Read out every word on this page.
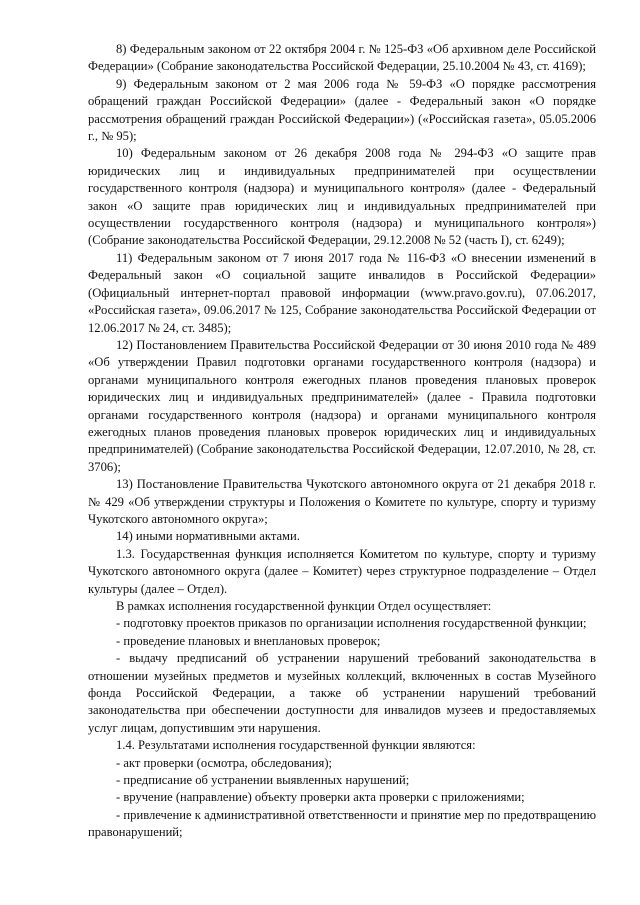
8) Федеральным законом от 22 октября 2004 г. № 125-ФЗ «Об архивном деле Российской Федерации» (Собрание законодательства Российской Федерации, 25.10.2004 № 43, ст. 4169);

9) Федеральным законом от 2 мая 2006 года № 59-ФЗ «О порядке рассмотрения обращений граждан Российской Федерации» (далее - Федеральный закон «О порядке рассмотрения обращений граждан Российской Федерации») («Российская газета», 05.05.2006 г., № 95);

10) Федеральным законом от 26 декабря 2008 года № 294-ФЗ «О защите прав юридических лиц и индивидуальных предпринимателей при осуществлении государственного контроля (надзора) и муниципального контроля» (далее - Федеральный закон «О защите прав юридических лиц и индивидуальных предпринимателей при осуществлении государственного контроля (надзора) и муниципального контроля») (Собрание законодательства Российской Федерации, 29.12.2008 № 52 (часть I), ст. 6249);

11) Федеральным законом от 7 июня 2017 года № 116-ФЗ «О внесении изменений в Федеральный закон «О социальной защите инвалидов в Российской Федерации» (Официальный интернет-портал правовой информации (www.pravo.gov.ru), 07.06.2017, «Российская газета», 09.06.2017 № 125, Собрание законодательства Российской Федерации от 12.06.2017 № 24, ст. 3485);

12) Постановлением Правительства Российской Федерации от 30 июня 2010 года № 489 «Об утверждении Правил подготовки органами государственного контроля (надзора) и органами муниципального контроля ежегодных планов проведения плановых проверок юридических лиц и индивидуальных предпринимателей» (далее - Правила подготовки органами государственного контроля (надзора) и органами муниципального контроля ежегодных планов проведения плановых проверок юридических лиц и индивидуальных предпринимателей) (Собрание законодательства Российской Федерации, 12.07.2010, № 28, ст. 3706);

13) Постановление Правительства Чукотского автономного округа от 21 декабря 2018 г. № 429 «Об утверждении структуры и Положения о Комитете по культуре, спорту и туризму Чукотского автономного округа»;

14) иными нормативными актами.

1.3. Государственная функция исполняется Комитетом по культуре, спорту и туризму Чукотского автономного округа (далее – Комитет) через структурное подразделение – Отдел культуры (далее – Отдел).

В рамках исполнения государственной функции Отдел осуществляет:

- подготовку проектов приказов по организации исполнения государственной функции;

- проведение плановых и внеплановых проверок;

- выдачу предписаний об устранении нарушений требований законодательства в отношении музейных предметов и музейных коллекций, включенных в состав Музейного фонда Российской Федерации, а также об устранении нарушений требований законодательства при обеспечении доступности для инвалидов музеев и предоставляемых услуг лицам, допустившим эти нарушения.

1.4. Результатами исполнения государственной функции являются:

- акт проверки (осмотра, обследования);

- предписание об устранении выявленных нарушений;

- вручение (направление) объекту проверки акта проверки с приложениями;

- привлечение к административной ответственности и принятие мер по предотвращению правонарушений;
